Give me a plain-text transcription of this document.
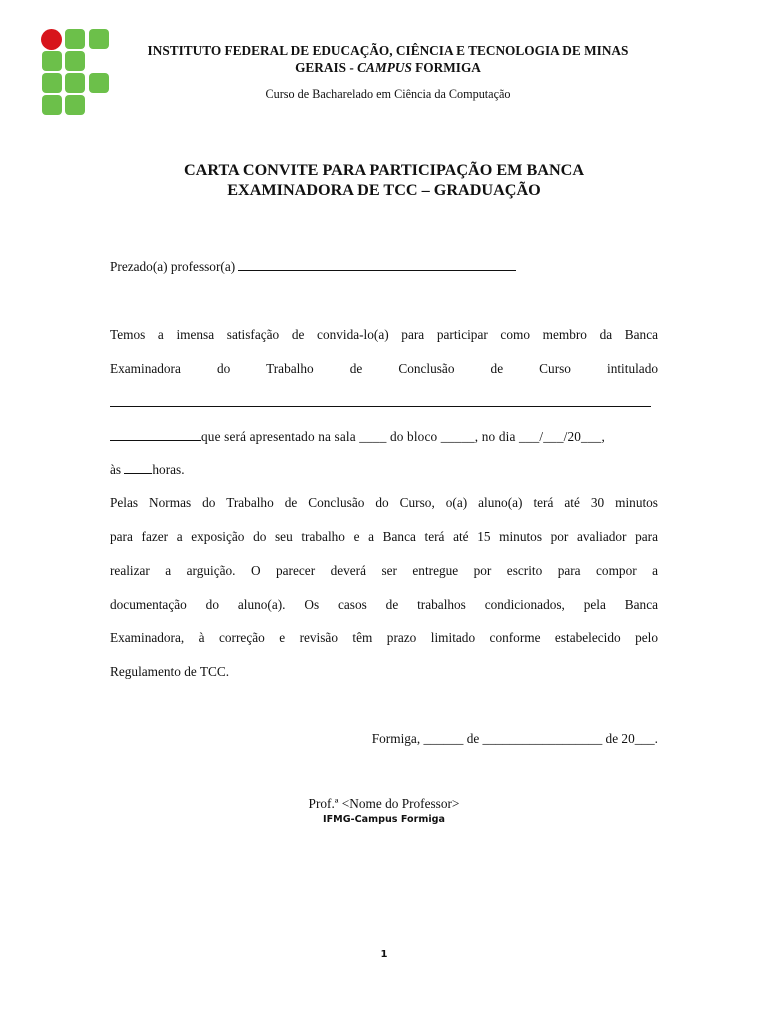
INSTITUTO FEDERAL DE EDUCAÇÃO, CIÊNCIA E TECNOLOGIA DE MINAS
GERAIS - CAMPUS FORMIGA
Curso de Bacharelado em Ciência da Computação
CARTA CONVITE PARA PARTICIPAÇÃO EM BANCA
EXAMINADORA DE TCC – GRADUAÇÃO
Prezado(a) professor(a)
Temos a imensa satisfação de convida-lo(a) para participar como membro da Banca
Examinadora do Trabalho de Conclusão de Curso intitulado
que será apresentado na sala ____ do bloco _____, no dia ___/___/20___,
às horas.
Pelas Normas do Trabalho de Conclusão do Curso, o(a) aluno(a) terá até 30 minutos
para fazer a exposição do seu trabalho e a Banca terá até 15 minutos por avaliador para
realizar a arguição. O parecer deverá ser entregue por escrito para compor a
documentação do aluno(a). Os casos de trabalhos condicionados, pela Banca
Examinadora, à correção e revisão têm prazo limitado conforme estabelecido pelo
Regulamento de TCC.
Formiga, ______ de __________________ de 20___.
Prof.ª <Nome do Professor>
IFMG-Campus Formiga
1
